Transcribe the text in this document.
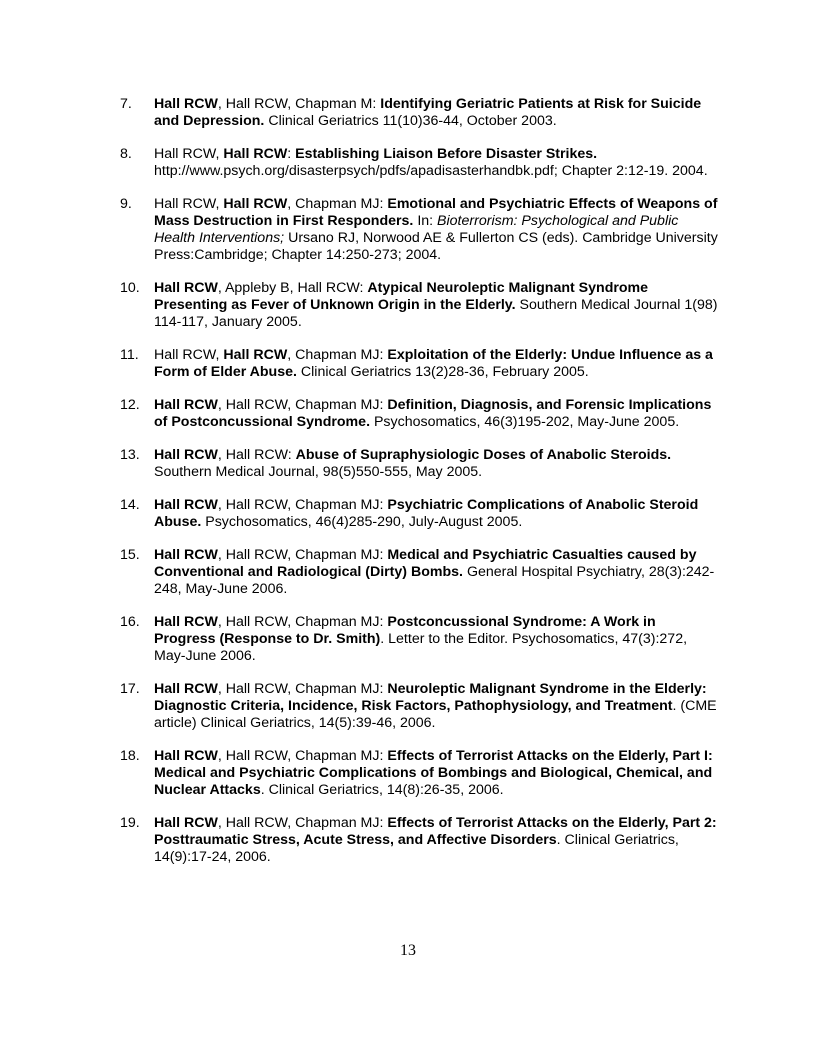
7. Hall RCW, Hall RCW, Chapman M: Identifying Geriatric Patients at Risk for Suicide and Depression. Clinical Geriatrics 11(10)36-44, October 2003.
8. Hall RCW, Hall RCW: Establishing Liaison Before Disaster Strikes.
http://www.psych.org/disasterpsych/pdfs/apadisasterhandbk.pdf; Chapter 2:12-19. 2004.
9. Hall RCW, Hall RCW, Chapman MJ: Emotional and Psychiatric Effects of Weapons of Mass Destruction in First Responders. In: Bioterrorism: Psychological and Public Health Interventions; Ursano RJ, Norwood AE & Fullerton CS (eds). Cambridge University Press:Cambridge; Chapter 14:250-273; 2004.
10. Hall RCW, Appleby B, Hall RCW: Atypical Neuroleptic Malignant Syndrome Presenting as Fever of Unknown Origin in the Elderly. Southern Medical Journal 1(98) 114-117, January 2005.
11. Hall RCW, Hall RCW, Chapman MJ: Exploitation of the Elderly: Undue Influence as a Form of Elder Abuse. Clinical Geriatrics 13(2)28-36, February 2005.
12. Hall RCW, Hall RCW, Chapman MJ: Definition, Diagnosis, and Forensic Implications of Postconcussional Syndrome. Psychosomatics, 46(3)195-202, May-June 2005.
13. Hall RCW, Hall RCW: Abuse of Supraphysiologic Doses of Anabolic Steroids.
Southern Medical Journal, 98(5)550-555, May 2005.
14. Hall RCW, Hall RCW, Chapman MJ: Psychiatric Complications of Anabolic Steroid Abuse. Psychosomatics, 46(4)285-290, July-August 2005.
15. Hall RCW, Hall RCW, Chapman MJ: Medical and Psychiatric Casualties caused by Conventional and Radiological (Dirty) Bombs. General Hospital Psychiatry, 28(3):242-248, May-June 2006.
16. Hall RCW, Hall RCW, Chapman MJ: Postconcussional Syndrome: A Work in Progress (Response to Dr. Smith). Letter to the Editor. Psychosomatics, 47(3):272, May-June 2006.
17. Hall RCW, Hall RCW, Chapman MJ: Neuroleptic Malignant Syndrome in the Elderly: Diagnostic Criteria, Incidence, Risk Factors, Pathophysiology, and Treatment. (CME article) Clinical Geriatrics, 14(5):39-46, 2006.
18. Hall RCW, Hall RCW, Chapman MJ: Effects of Terrorist Attacks on the Elderly, Part I: Medical and Psychiatric Complications of Bombings and Biological, Chemical, and Nuclear Attacks. Clinical Geriatrics, 14(8):26-35, 2006.
19. Hall RCW, Hall RCW, Chapman MJ: Effects of Terrorist Attacks on the Elderly, Part 2: Posttraumatic Stress, Acute Stress, and Affective Disorders. Clinical Geriatrics, 14(9):17-24, 2006.
13
